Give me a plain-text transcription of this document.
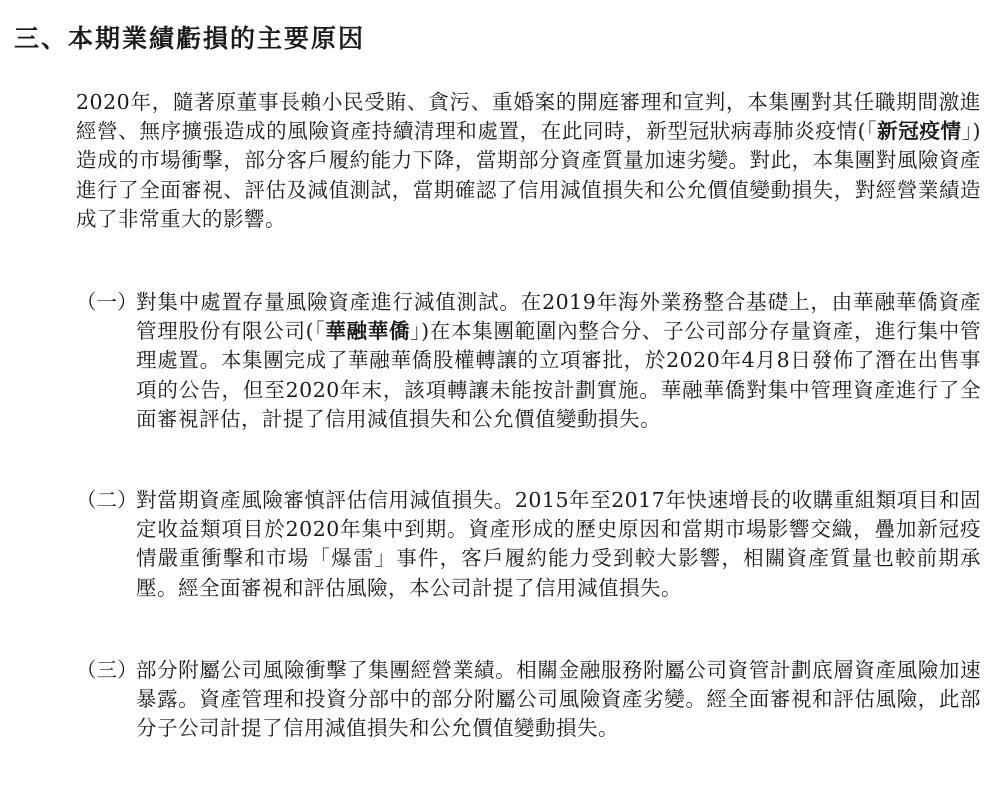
三、本期業績虧損的主要原因

2020年，隨著原董事長賴小民受賄、貪污、重婚案的開庭審理和宣判，本集團對其任職期間激進經營、無序擴張造成的風險資產持續清理和處置，在此同時，新型冠狀病毒肺炎疫情(「新冠疫情」)造成的市場衝擊，部分客戶履約能力下降，當期部分資產質量加速劣變。對此，本集團對風險資產進行了全面審視、評估及減值測試，當期確認了信用減值損失和公允價值變動損失，對經營業績造成了非常重大的影響。

（一）

對集中處置存量風險資產進行減值測試。在2019年海外業務整合基礎上，由華融華僑資產管理股份有限公司(「華融華僑」)在本集團範圍內整合分、子公司部分存量資產，進行集中管理處置。本集團完成了華融華僑股權轉讓的立項審批，於2020年4月8日發佈了潛在出售事項的公告，但至2020年末，該項轉讓未能按計劃實施。華融華僑對集中管理資產進行了全面審視評估，計提了信用減值損失和公允價值變動損失。

（二）

對當期資產風險審慎評估信用減值損失。2015年至2017年快速增長的收購重組類項目和固定收益類項目於2020年集中到期。資產形成的歷史原因和當期市場影響交織，疊加新冠疫情嚴重衝擊和市場「爆雷」事件，客戶履約能力受到較大影響，相關資產質量也較前期承壓。經全面審視和評估風險，本公司計提了信用減值損失。

（三）

部分附屬公司風險衝擊了集團經營業績。相關金融服務附屬公司資管計劃底層資產風險加速暴露。資產管理和投資分部中的部分附屬公司風險資產劣變。經全面審視和評估風險，此部分子公司計提了信用減值損失和公允價值變動損失。
